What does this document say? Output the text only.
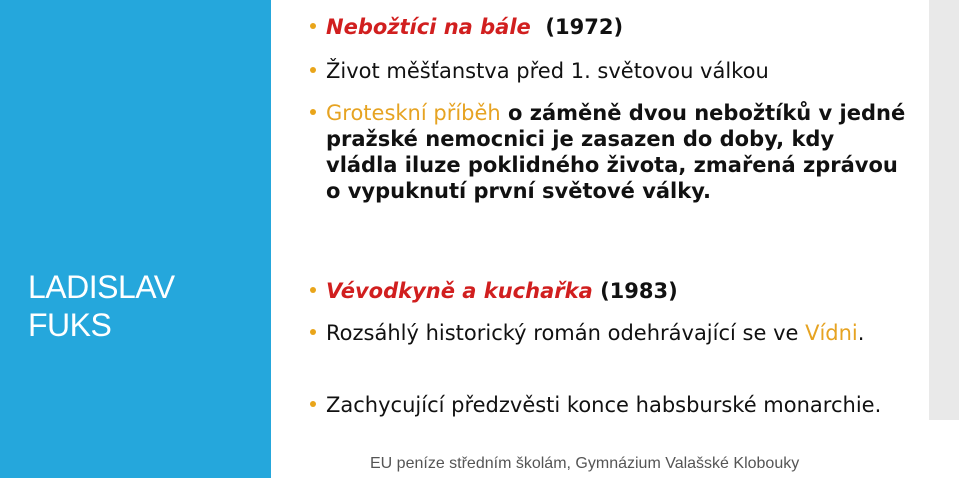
LADISLAV
FUKS
Nebožtíci na bále (1972)
Život měšťanstva před 1. světovou válkou
Groteskní příběh o záměně dvou nebožtíků v jedné pražské nemocnici je zasazen do doby, kdy vládla iluze poklidného života, zmařená zprávou o vypuknutí první světové války.
Vévodkyně a kuchařka (1983)
Rozsáhlý historický román odehrávající se ve Vídni.
Zachycující předzvěsti konce habsburské monarchie.
EU peníze středním školám, Gymnázium Valašské Klobouky
